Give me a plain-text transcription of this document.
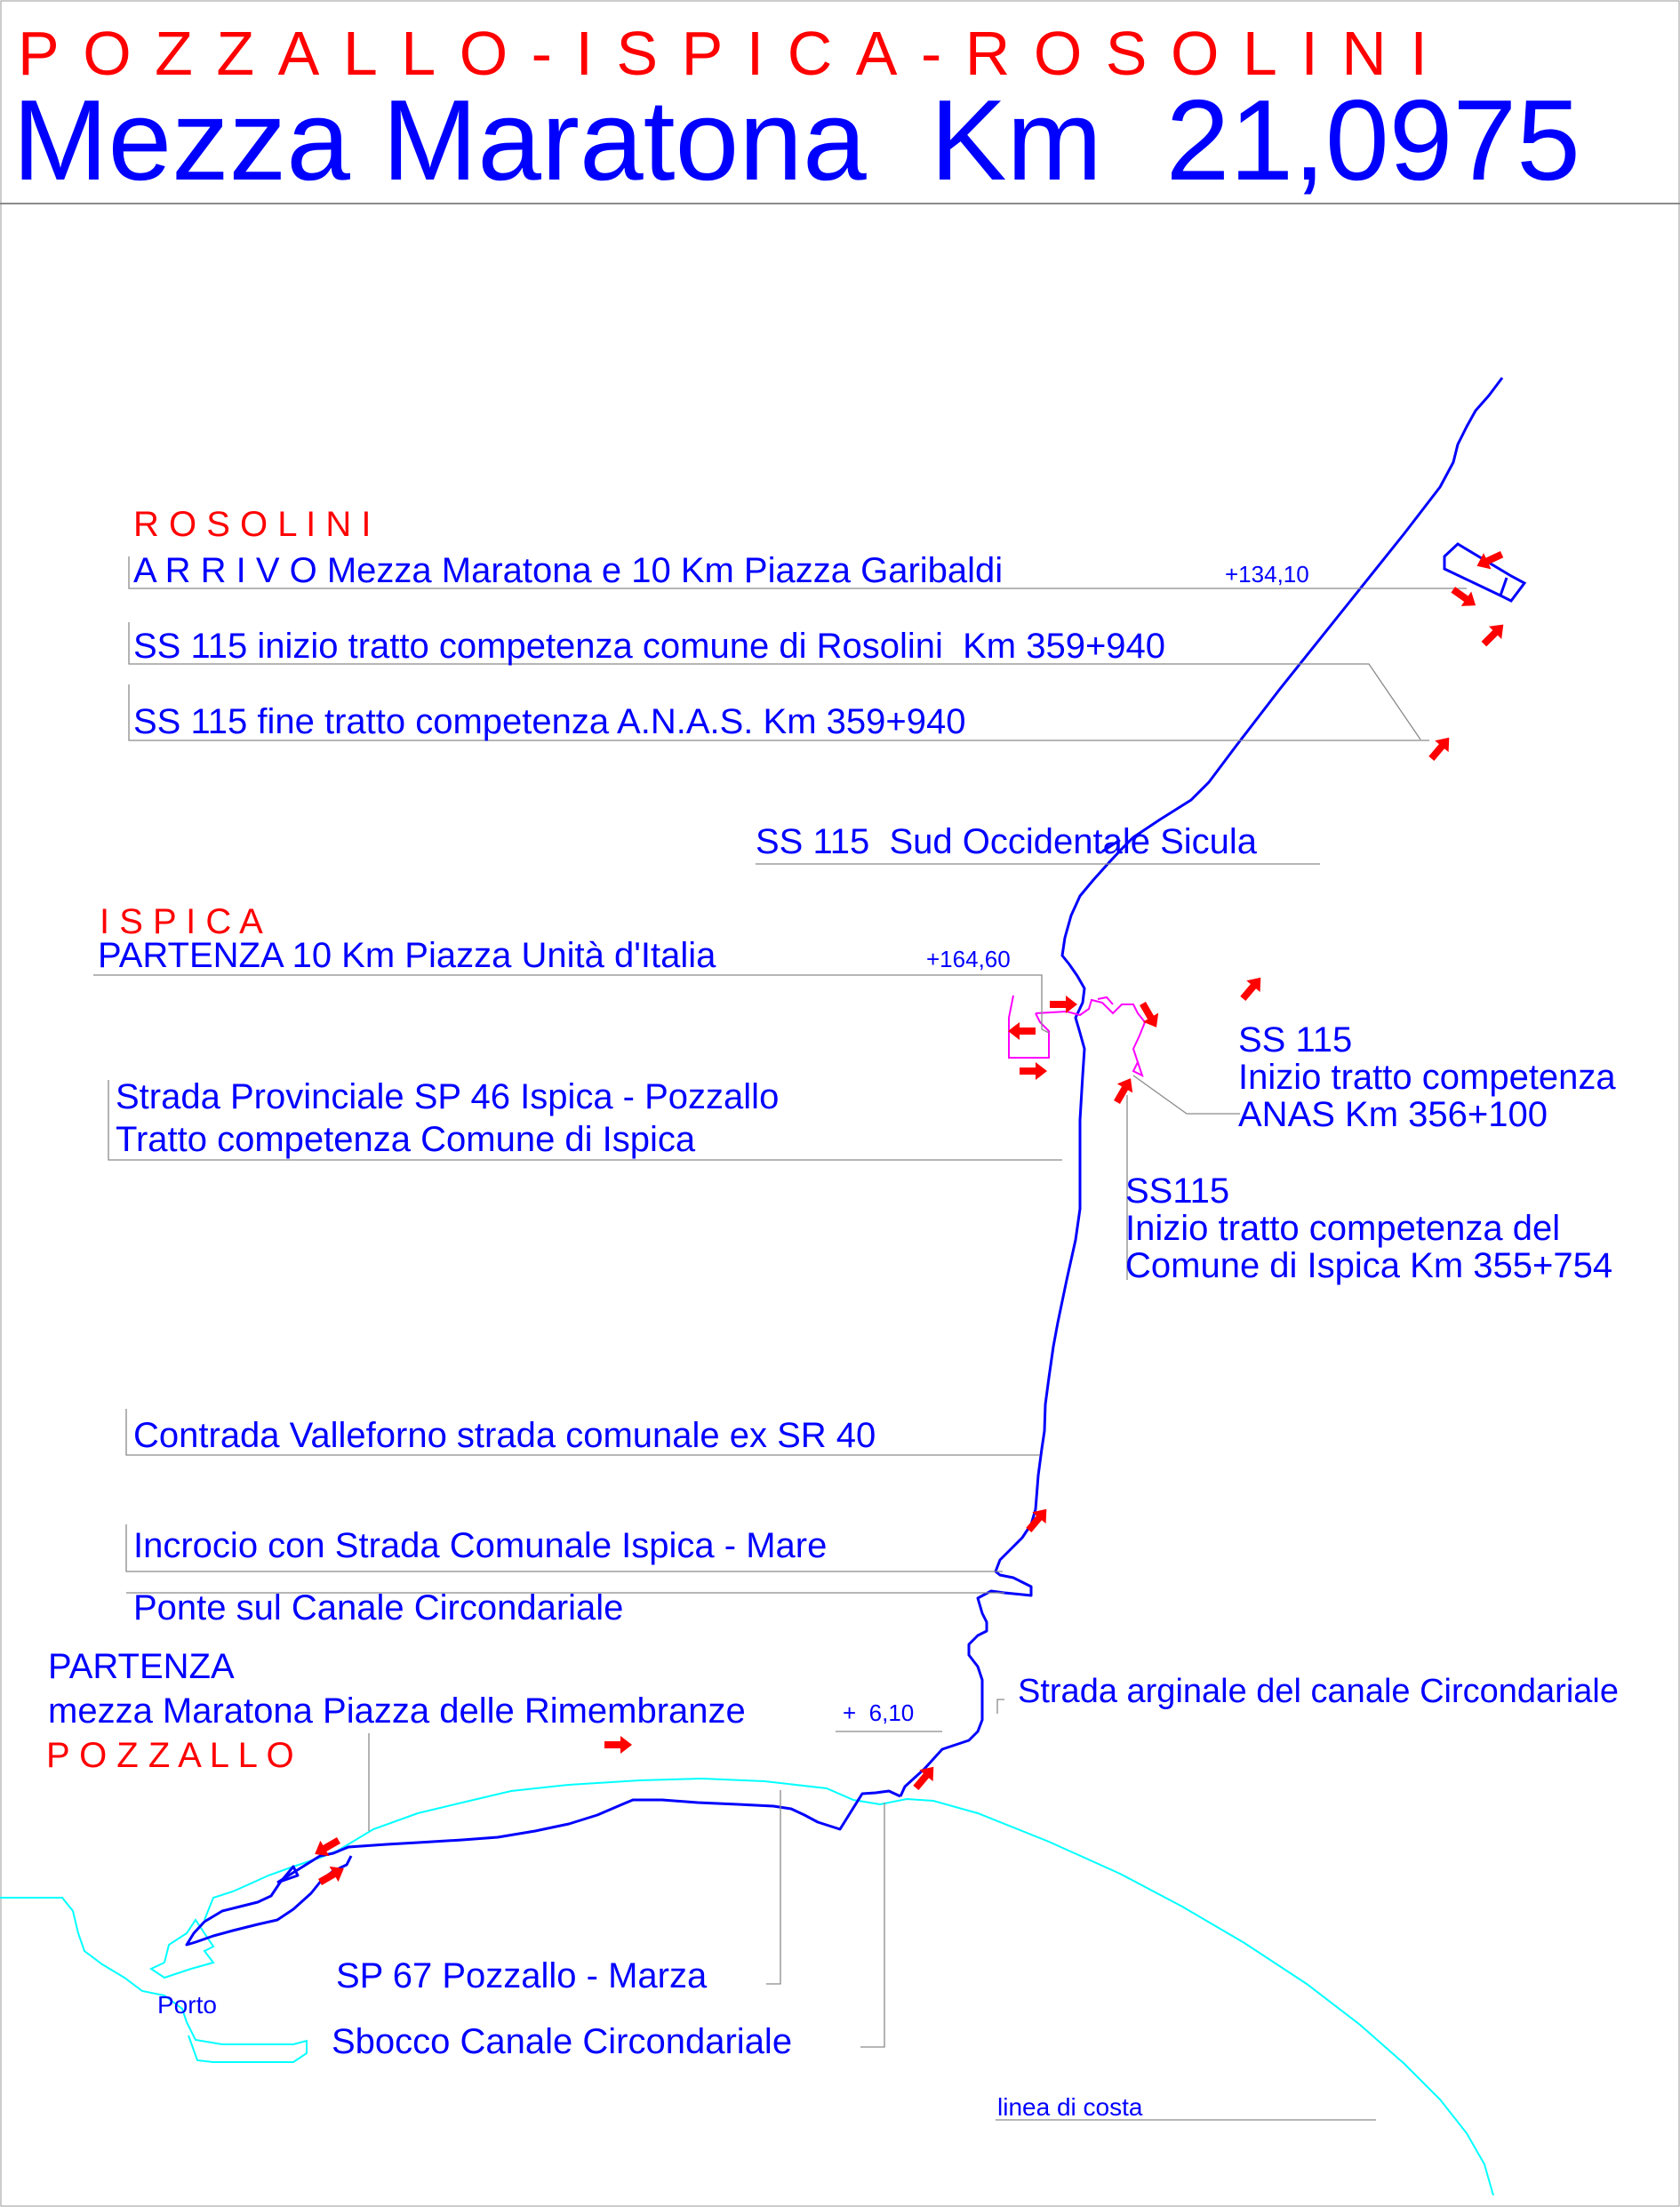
POZZALLO-ISPICA-ROSOLINI
Mezza Maratona  Km  21,0975
R O S O L I N I
I S P I C A
P O Z Z A L L O
A R R I V O Mezza Maratona e 10 Km Piazza Garibaldi	+134,10
SS 115 inizio tratto competenza comune di Rosolini  Km 359+940
SS 115 fine tratto competenza A.N.A.S. Km 359+940
SS 115  Sud Occidentale Sicula
PARTENZA 10 Km Piazza Unità d'Italia	+164,60
SS 115
Inizio tratto competenza
ANAS Km 356+100
Strada Provinciale SP 46 Ispica - Pozzallo
Tratto competenza Comune di Ispica
SS115
Inizio tratto competenza del
Comune di Ispica Km 355+754
Contrada Valleforno strada comunale ex SR 40
Incrocio con Strada Comunale Ispica - Mare
Ponte sul Canale Circondariale
Strada arginale del canale Circondariale
PARTENZA
mezza Maratona Piazza delle Rimembranze	+  6,10
SP 67 Pozzallo - Marza
Sbocco Canale Circondariale
Porto
linea di costa
